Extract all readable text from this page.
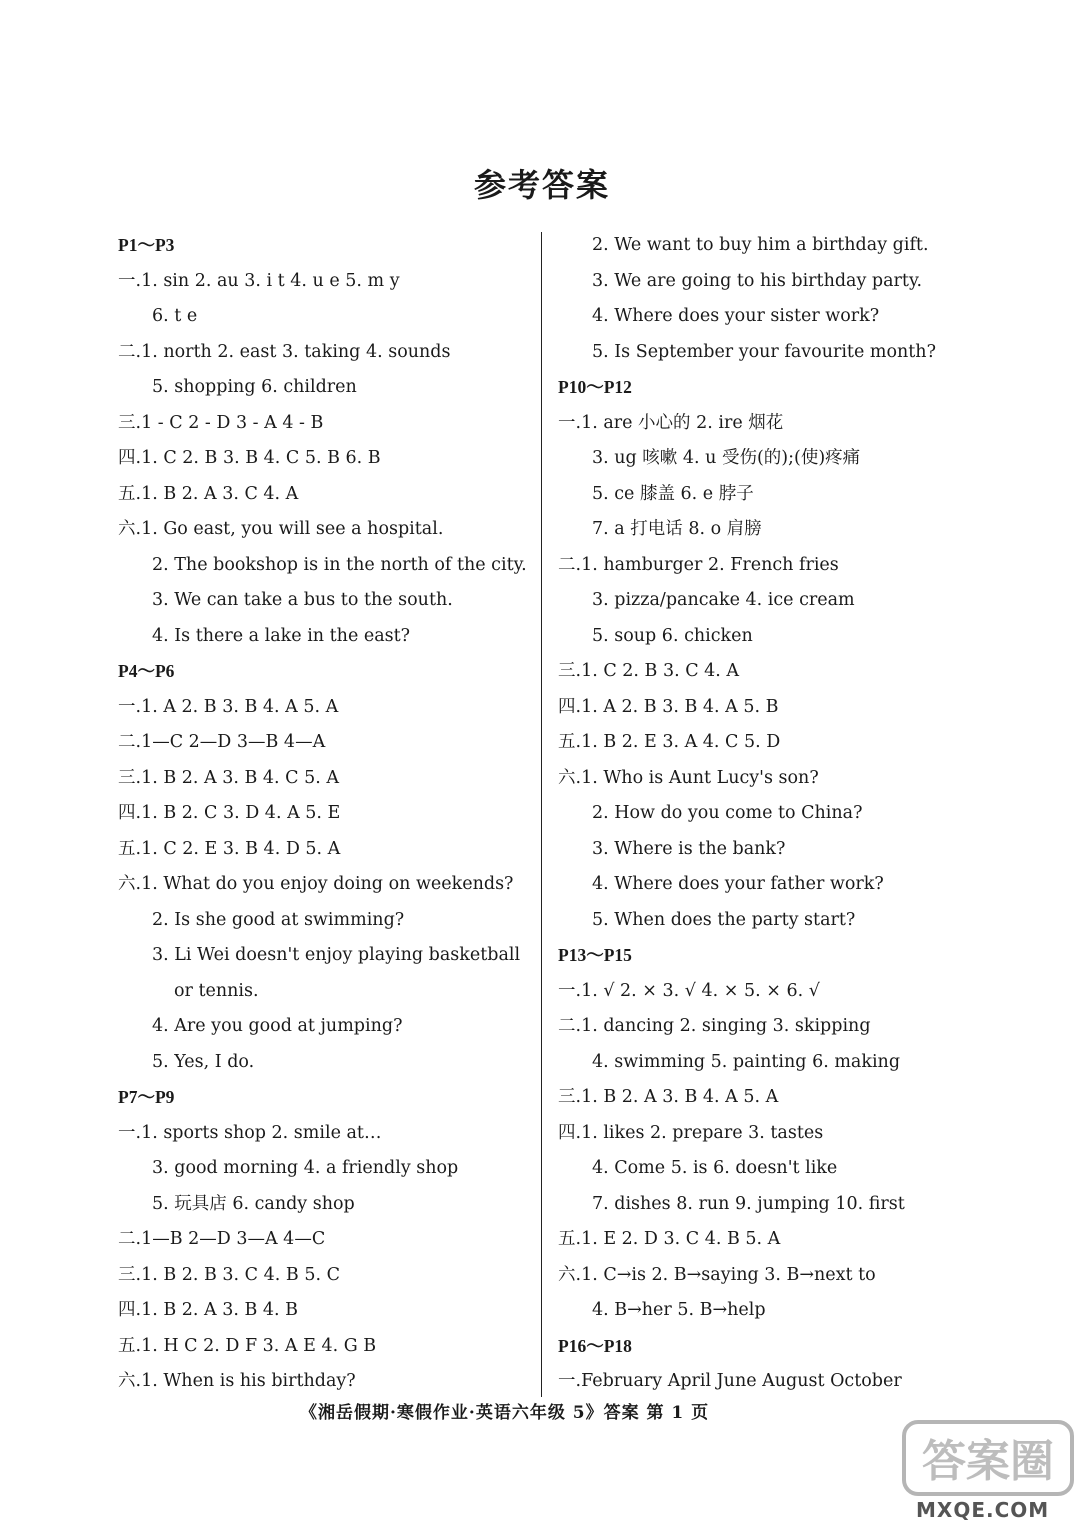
参考答案
P1～P3
一.1. sin 2. au 3. i t 4. u e 5. m y
6. t e
二.1. north 2. east 3. taking 4. sounds
5. shopping 6. children
三.1 - C 2 - D 3 - A 4 - B
四.1. C 2. B 3. B 4. C 5. B 6. B
五.1. B 2. A 3. C 4. A
六.1. Go east, you will see a hospital.
2. The bookshop is in the north of the city.
3. We can take a bus to the south.
4. Is there a lake in the east?
P4～P6
一.1. A 2. B 3. B 4. A 5. A
二.1—C 2—D 3—B 4—A
三.1. B 2. A 3. B 4. C 5. A
四.1. B 2. C 3. D 4. A 5. E
五.1. C 2. E 3. B 4. D 5. A
六.1. What do you enjoy doing on weekends?
2. Is she good at swimming?
3. Li Wei doesn't enjoy playing basketball
or tennis.
4. Are you good at jumping?
5. Yes, I do.
P7～P9
一.1. sports shop 2. smile at…
3. good morning 4. a friendly shop
5. 玩具店 6. candy shop
二.1—B 2—D 3—A 4—C
三.1. B 2. B 3. C 4. B 5. C
四.1. B 2. A 3. B 4. B
五.1. H C 2. D F 3. A E 4. G B
六.1. When is his birthday?
2. We want to buy him a birthday gift.
3. We are going to his birthday party.
4. Where does your sister work?
5. Is September your favourite month?
P10～P12
一.1. are 小心的 2. ire 烟花
3. ug 咳嗽 4. u 受伤(的);(使)疼痛
5. ce 膝盖 6. e 脖子
7. a 打电话 8. o 肩膀
二.1. hamburger 2. French fries
3. pizza/pancake 4. ice cream
5. soup 6. chicken
三.1. C 2. B 3. C 4. A
四.1. A 2. B 3. B 4. A 5. B
五.1. B 2. E 3. A 4. C 5. D
六.1. Who is Aunt Lucy's son?
2. How do you come to China?
3. Where is the bank?
4. Where does your father work?
5. When does the party start?
P13～P15
一.1. √ 2. × 3. √ 4. × 5. × 6. √
二.1. dancing 2. singing 3. skipping
4. swimming 5. painting 6. making
三.1. B 2. A 3. B 4. A 5. A
四.1. likes 2. prepare 3. tastes
4. Come 5. is 6. doesn't like
7. dishes 8. run 9. jumping 10. first
五.1. E 2. D 3. C 4. B 5. A
六.1. C→is 2. B→saying 3. B→next to
4. B→her 5. B→help
P16～P18
一.February April June August October
《湘岳假期·寒假作业·英语六年级 5》答案 第 1 页
答案圈
MXQE.COM
